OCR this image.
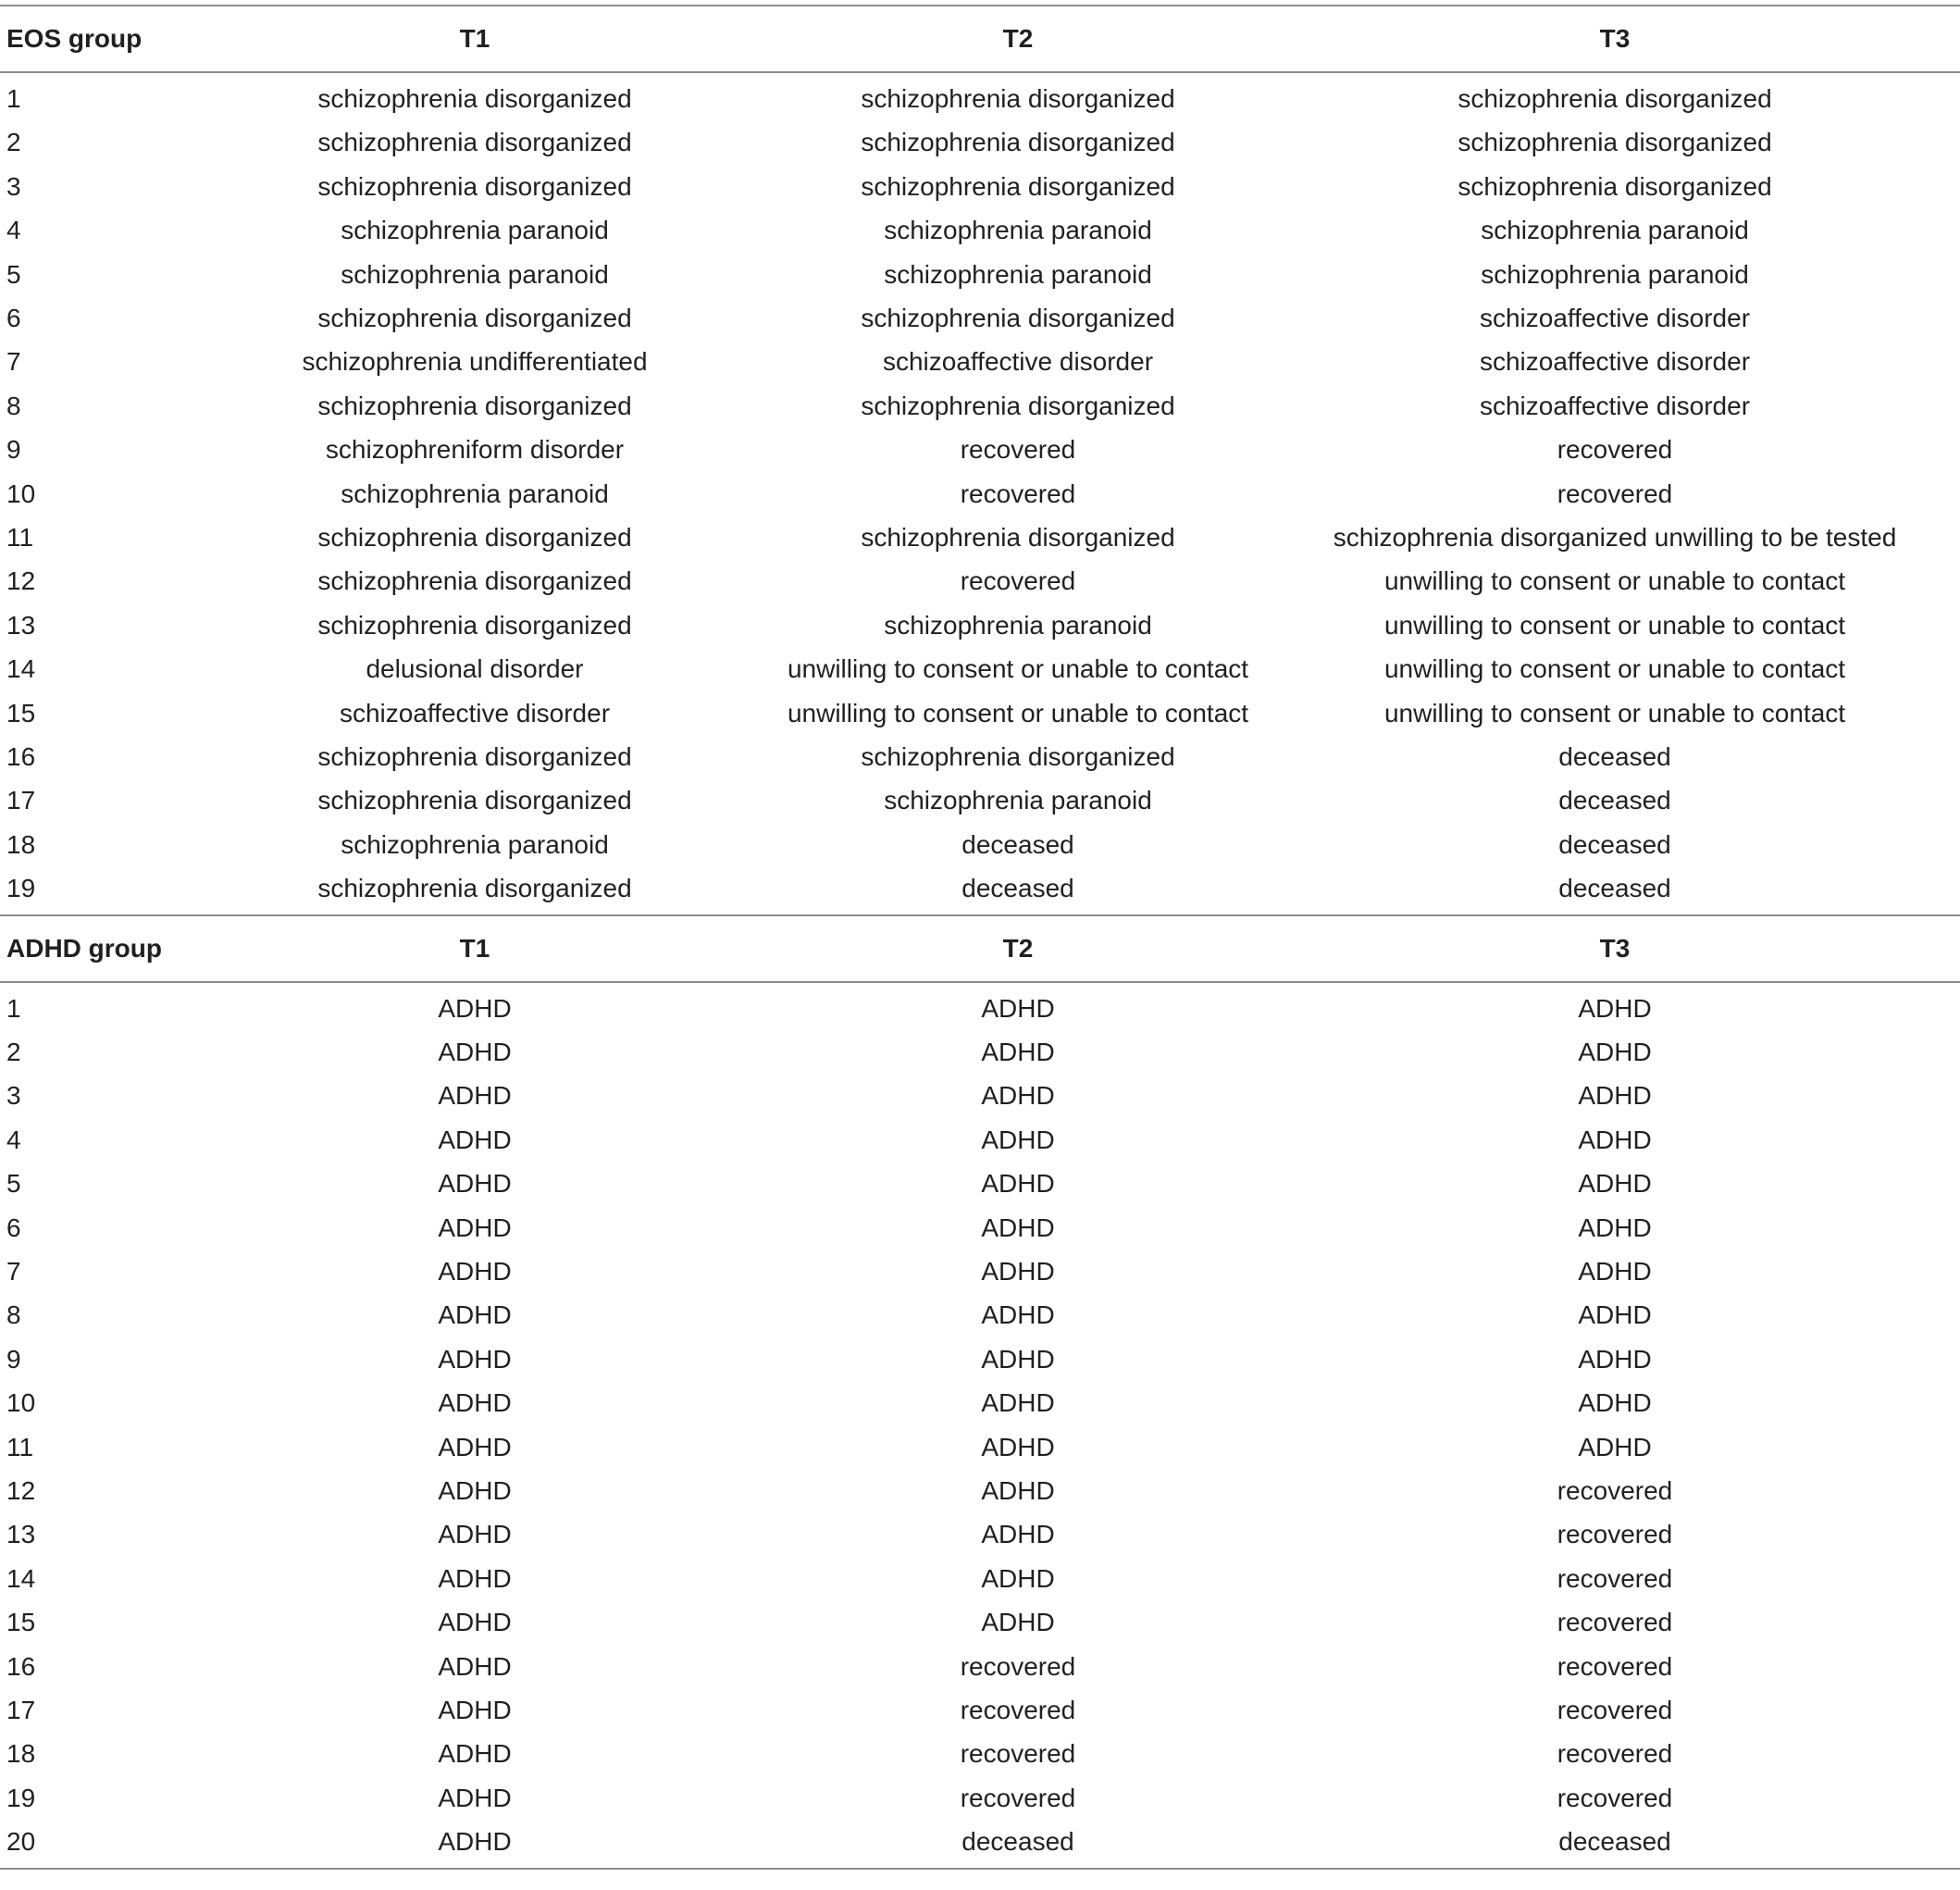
EOS group	T1	T2	T3
1	schizophrenia disorganized	schizophrenia disorganized	schizophrenia disorganized
2	schizophrenia disorganized	schizophrenia disorganized	schizophrenia disorganized
3	schizophrenia disorganized	schizophrenia disorganized	schizophrenia disorganized
4	schizophrenia paranoid	schizophrenia paranoid	schizophrenia paranoid
5	schizophrenia paranoid	schizophrenia paranoid	schizophrenia paranoid
6	schizophrenia disorganized	schizophrenia disorganized	schizoaffective disorder
7	schizophrenia undifferentiated	schizoaffective disorder	schizoaffective disorder
8	schizophrenia disorganized	schizophrenia disorganized	schizoaffective disorder
9	schizophreniform disorder	recovered	recovered
10	schizophrenia paranoid	recovered	recovered
11	schizophrenia disorganized	schizophrenia disorganized	schizophrenia disorganized unwilling to be tested
12	schizophrenia disorganized	recovered	unwilling to consent or unable to contact
13	schizophrenia disorganized	schizophrenia paranoid	unwilling to consent or unable to contact
14	delusional disorder	unwilling to consent or unable to contact	unwilling to consent or unable to contact
15	schizoaffective disorder	unwilling to consent or unable to contact	unwilling to consent or unable to contact
16	schizophrenia disorganized	schizophrenia disorganized	deceased
17	schizophrenia disorganized	schizophrenia paranoid	deceased
18	schizophrenia paranoid	deceased	deceased
19	schizophrenia disorganized	deceased	deceased
ADHD group	T1	T2	T3
1	ADHD	ADHD	ADHD
2	ADHD	ADHD	ADHD
3	ADHD	ADHD	ADHD
4	ADHD	ADHD	ADHD
5	ADHD	ADHD	ADHD
6	ADHD	ADHD	ADHD
7	ADHD	ADHD	ADHD
8	ADHD	ADHD	ADHD
9	ADHD	ADHD	ADHD
10	ADHD	ADHD	ADHD
11	ADHD	ADHD	ADHD
12	ADHD	ADHD	recovered
13	ADHD	ADHD	recovered
14	ADHD	ADHD	recovered
15	ADHD	ADHD	recovered
16	ADHD	recovered	recovered
17	ADHD	recovered	recovered
18	ADHD	recovered	recovered
19	ADHD	recovered	recovered
20	ADHD	deceased	deceased
